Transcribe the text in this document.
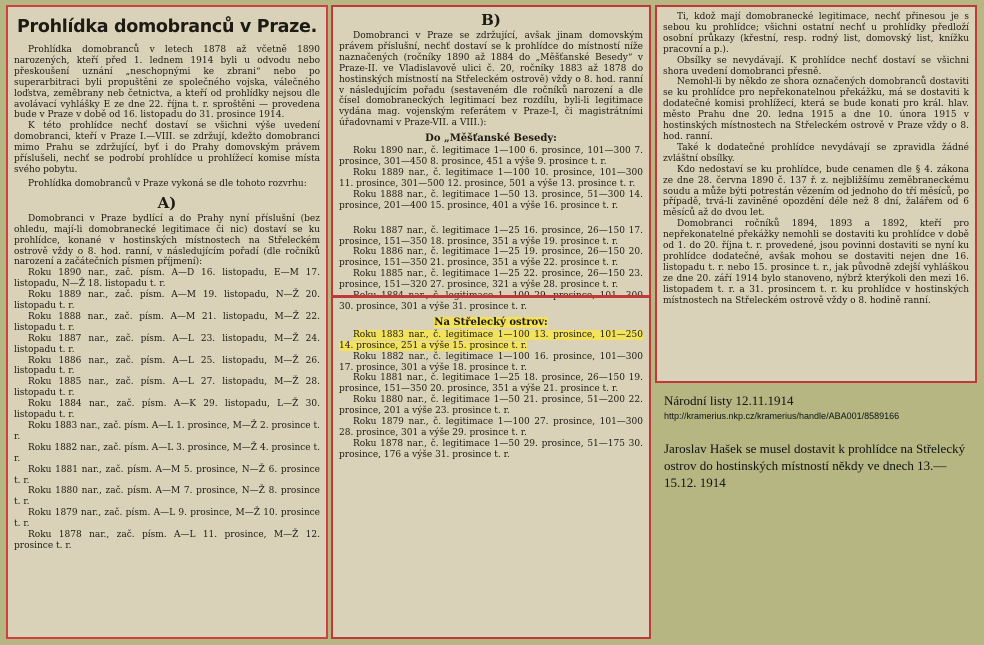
Prohlídka domobranců v Praze.

Prohlídka domobranců v letech 1878 až včetně 1890 narozených, kteří před 1. lednem 1914 byli u odvodu nebo přeskoušení uznání „neschopnými ke zbrani“ nebo po superarbitraci byli propuštěni ze společného vojska, válečného loďstva, zeměbrany neb četnictva, a kteří od prohlídky nejsou dle avolávací vyhlášky E ze dne 22. října t. r. sproštěni — provedena bude v Praze v době od 16. listopadu do 31. prosince 1914.

K této prohlídce nechť dostaví se všichni výše uvedení domobranci, kteří v Praze I.—VIII. se zdržují, kdežto domobranci mimo Prahu se zdržující, byť i do Prahy domovským právem příslušeli, nechť se podrobí prohlídce u prohlížecí komise místa svého pobytu.

Prohlídka domobranců v Praze vykoná se dle tohoto rozvrhu:

A)

Domobranci v Praze bydlící a do Prahy nyní příslušní (bez ohledu, mají-li domobranecké legitimace či nic) dostaví se ku prohlídce, konané v hostinských místnostech na Střeleckém ostrově vždy o 8. hod. ranní, v následujícím pořadí (dle ročníků narození a začátečních písmen příjmení):

Roku 1890 nar., zač. písm. A—D 16. listopadu, E—M 17. listopadu, N—Ž 18. listopadu t. r.

Roku 1889 nar., zač. písm. A—M 19. listopadu, N—Ž 20. listopadu t. r.

Roku 1888 nar., zač. písm. A—M 21. listopadu, M—Ž 22. listopadu t. r.

Roku 1887 nar., zač. písm. A—L 23. listopadu, M—Ž 24. listopadu t. r.

Roku 1886 nar., zač. písm. A—L 25. listopadu, M—Ž 26. listopadu t. r.

Roku 1885 nar., zač. písm. A—L 27. listopadu, M—Ž 28. listopadu t. r.

Roku 1884 nar., zač. písm. A—K 29. listopadu, L—Ž 30. listopadu t. r.

Roku 1883 nar., zač. písm. A—L 1. prosince, M—Ž 2. prosince t. r.

Roku 1882 nar., zač. písm. A—L 3. prosince, M—Ž 4. prosince t. r.

Roku 1881 nar., zač. písm. A—M 5. prosince, N—Ž 6. prosince t. r.

Roku 1880 nar., zač. písm. A—M 7. prosince, N—Ž 8. prosince t. r.

Roku 1879 nar., zač. písm. A—L 9. prosince, M—Ž 10. prosince t. r.

Roku 1878 nar., zač. písm. A—L 11. prosince, M—Ž 12. prosince t. r.

B)

Domobranci v Praze se zdržující, avšak jinam domovským právem příslušní, nechť dostaví se k prohlídce do místností níže naznačených (ročníky 1890 až 1884 do „Měšťanské Besedy“ v Praze-II. ve Vladislavově ulici č. 20, ročníky 1883 až 1878 do hostinských místností na Střeleckém ostrově) vždy o 8. hod. ranní v následujícím pořadu (sestaveném dle ročníků narození a dle čísel domobraneckých legitimací bez rozdílu, byli-li legitimace vydána mag. vojenským referátem v Praze-I, či magistrátními úřadovnami v Praze-VII. a VIII.):

Do „Měšťanské Besedy:

Roku 1890 nar., č. legitimace 1—100 6. prosince, 101—300 7. prosince, 301—450 8. prosince, 451 a výše 9. prosince t. r.

Roku 1889 nar., č. legitimace 1—100 10. prosince, 101—300 11. prosince, 301—500 12. prosince, 501 a výše 13. prosince t. r.

Roku 1888 nar., č. legitimace 1—50 13. prosince, 51—300 14. prosince, 201—400 15. prosince, 401 a výše 16. prosince t. r.

Roku 1887 nar., č. legitimace 1—25 16. prosince, 26—150 17. prosince, 151—350 18. prosince, 351 a výše 19. prosince t. r.

Roku 1886 nar., č. legitimace 1—25 19. prosince, 26—150 20. prosince, 151—350 21. prosince, 351 a výše 22. prosince t. r.

Roku 1885 nar., č. legitimace 1—25 22. prosince, 26—150 23. prosince, 151—320 27. prosince, 321 a výše 28. prosince t. r.

30. prosince, 301 a výše 31. prosince t. r.

Na Střelecký ostrov:

Roku 1883 nar., č. legitimace 1—100 13. prosince, 101—250 14. prosince, 251 a výše 15. prosince t. r.

Roku 1882 nar., č. legitimace 1—100 16. prosince, 101—300 17. prosince, 301 a výše 18. prosince t. r.

Roku 1881 nar., č. legitimace 1—25 18. prosince, 26—150 19. prosince, 151—350 20. prosince, 351 a výše 21. prosince t. r.

Roku 1880 nar., č. legitimace 1—50 21. prosince, 51—200 22. prosince, 201 a výše 23. prosince t. r.

Roku 1879 nar., č. legitimace 1—100 27. prosince, 101—300 28. prosince, 301 a výše 29. prosince t. r.

Roku 1878 nar., č. legitimace 1—50 29. prosince, 51—175 30. prosince, 176 a výše 31. prosince t. r.

Ti, kdož mají domobranecké legitimace, nechť přinesou je s sebou ku prohlídce; všichni ostatní nechť u prohlídky předloží osobní průkazy (křestní, resp. rodný list, domovský list, knížku pracovní a p.).

Obsílky se nevydávají. K prohlídce nechť dostaví se všichni shora uvedení domobranci přesně.

Nemohl-li by někdo ze shora označených domobranců dostaviti se ku prohlídce pro nepřekonatelnou překážku, má se dostaviti k dodatečné komisi prohlížecí, která se bude konati pro král. hlav. město Prahu dne 20. ledna 1915 a dne 10. února 1915 v hostinských místnostech na Střeleckém ostrově v Praze vždy o 8. hod. ranní.

Také k dodatečné prohlídce nevydávají se zpravidla žádné zvláštní obsílky.

Kdo nedostaví se ku prohlídce, bude cenamen dle § 4. zákona ze dne 28. června 1890 č. 137 ř. z. nejbližšímu zeměbraneckému soudu a může býti potrestán vězením od jednoho do tří měsíců, po případě, trvá-li zaviněné opozdění déle než 8 dní, žalářem od 6 měsíců až do dvou let.

Domobranci ročníků 1894, 1893 a 1892, kteří pro nepřekonatelné překážky nemohli se dostaviti ku prohlídce v době od 1. do 20. října t. r. provedené, jsou povinni dostaviti se nyní ku prohlídce dodatečné, avšak mohou se dostaviti nejen dne 16. listopadu t. r. nebo 15. prosince t. r., jak původně zdejší vyhláškou ze dne 20. září 1914 bylo stanoveno, nýbrž kterýkoli den mezi 16. listopadem t. r. a 31. prosincem t. r. ku prohlídce v hostinských místnostech na Střeleckém ostrově vždy o 8. hodině ranní.

Národní listy 12.11.1914
http://kramerius.nkp.cz/kramerius/handle/ABA001/8589166
Jaroslav Hašek se musel dostavit k prohlídce na Střelecký ostrov do hostinských místností někdy ve dnech 13.—15.12. 1914
